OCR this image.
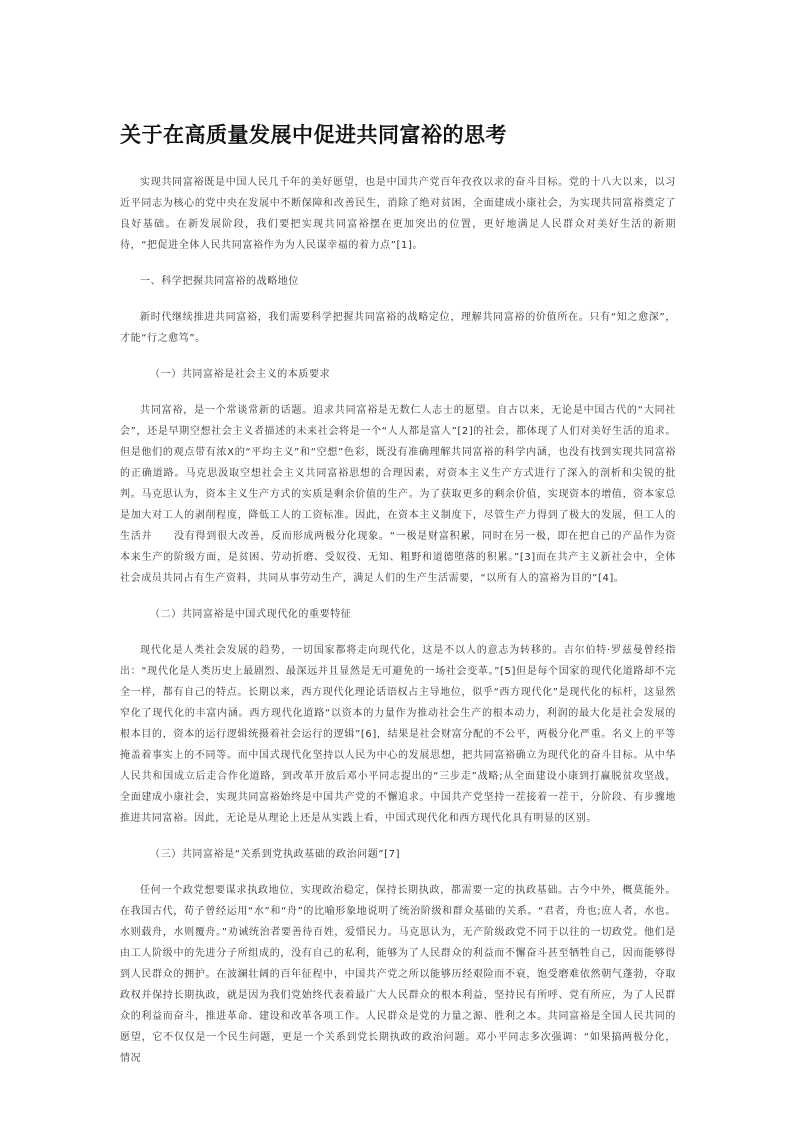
关于在高质量发展中促进共同富裕的思考

实现共同富裕既是中国人民几千年的美好愿望，也是中国共产党百年孜孜以求的奋斗目标。党的十八大以来，以习近平同志为核心的党中央在发展中不断保障和改善民生，消除了绝对贫困，全面建成小康社会，为实现共同富裕奠定了良好基础。在新发展阶段，我们要把实现共同富裕摆在更加突出的位置，更好地满足人民群众对美好生活的新期待，“把促进全体人民共同富裕作为为人民谋幸福的着力点”[1]。

一、科学把握共同富裕的战略地位

新时代继续推进共同富裕，我们需要科学把握共同富裕的战略定位，理解共同富裕的价值所在。只有“知之愈深”，才能“行之愈笃”。

（一）共同富裕是社会主义的本质要求

共同富裕，是一个常谈常新的话题。追求共同富裕是无数仁人志士的愿望。自古以来，无论是中国古代的“大同社会”，还是早期空想社会主义者描述的未来社会将是一个“人人都是富人”[2]的社会，都体现了人们对美好生活的追求。但是他们的观点带有浓X的“平均主义”和“空想”色彩，既没有准确理解共同富裕的科学内涵，也没有找到实现共同富裕的正确道路。马克思汲取空想社会主义共同富裕思想的合理因素，对资本主义生产方式进行了深入的剖析和尖锐的批判。马克思认为，资本主义生产方式的实质是剩余价值的生产。为了获取更多的剩余价值，实现资本的增值，资本家总是加大对工人的剥削程度，降低工人的工资标准。因此，在资本主义制度下，尽管生产力得到了极大的发展，但工人的生活并　　没有得到很大改善，反而形成两极分化现象。“一极是财富积累，同时在另一极，即在把自己的产品作为资本来生产的阶级方面，是贫困、劳动折磨、受奴役、无知、粗野和道德堕落的积累。”[3]而在共产主义新社会中，全体社会成员共同占有生产资料，共同从事劳动生产，满足人们的生产生活需要，“以所有人的富裕为目的”[4]。

（二）共同富裕是中国式现代化的重要特征

现代化是人类社会发展的趋势，一切国家都将走向现代化，这是不以人的意志为转移的。吉尔伯特·罗兹曼曾经指出：“现代化是人类历史上最剧烈、最深远并且显然是无可避免的一场社会变革。”[5]但是每个国家的现代化道路却不完全一样，都有自己的特点。长期以来，西方现代化理论话语权占主导地位，似乎“西方现代化”是现代化的标杆，这显然窄化了现代化的丰富内涵。西方现代化道路“以资本的力量作为推动社会生产的根本动力，利润的最大化是社会发展的根本目的，资本的运行逻辑统摄着社会运行的逻辑”[6]，结果是社会财富分配的不公平，两极分化严重。名义上的平等掩盖着事实上的不同等。而中国式现代化坚持以人民为中心的发展思想，把共同富裕确立为现代化的奋斗目标。从中华人民共和国成立后走合作化道路，到改革开放后邓小平同志提出的“三步走”战略;从全面建设小康到打赢脱贫攻坚战，全面建成小康社会，实现共同富裕始终是中国共产党的不懈追求。中国共产党坚持一茬接着一茬干，分阶段、有步骤地推进共同富裕。因此，无论是从理论上还是从实践上看，中国式现代化和西方现代化具有明显的区别。

（三）共同富裕是“关系到党执政基础的政治问题”[7]

任何一个政党想要谋求执政地位，实现政治稳定，保持长期执政，都需要一定的执政基础。古今中外，概莫能外。在我国古代，荀子曾经运用“水”和“舟”的比喻形象地说明了统治阶级和群众基础的关系。“君者，舟也;庶人者，水也。水则载舟，水则覆舟。”劝诫统治者要善待百姓，爱惜民力。马克思认为，无产阶级政党不同于以往的一切政党。他们是由工人阶级中的先进分子所组成的，没有自己的私利，能够为了人民群众的利益而不懈奋斗甚至牺牲自己，因而能够得到人民群众的拥护。在波澜壮阔的百年征程中，中国共产党之所以能够历经艰险而不衰，饱受磨难依然朝气蓬勃，夺取政权并保持长期执政，就是因为我们党始终代表着最广大人民群众的根本利益，坚持民有所呼、党有所应，为了人民群众的利益而奋斗，推进革命、建设和改革各项工作。人民群众是党的力量之源、胜利之本。共同富裕是全国人民共同的愿望，它不仅仅是一个民生问题，更是一个关系到党长期执政的政治问题。邓小平同志多次强调：“如果搞两极分化，情况
